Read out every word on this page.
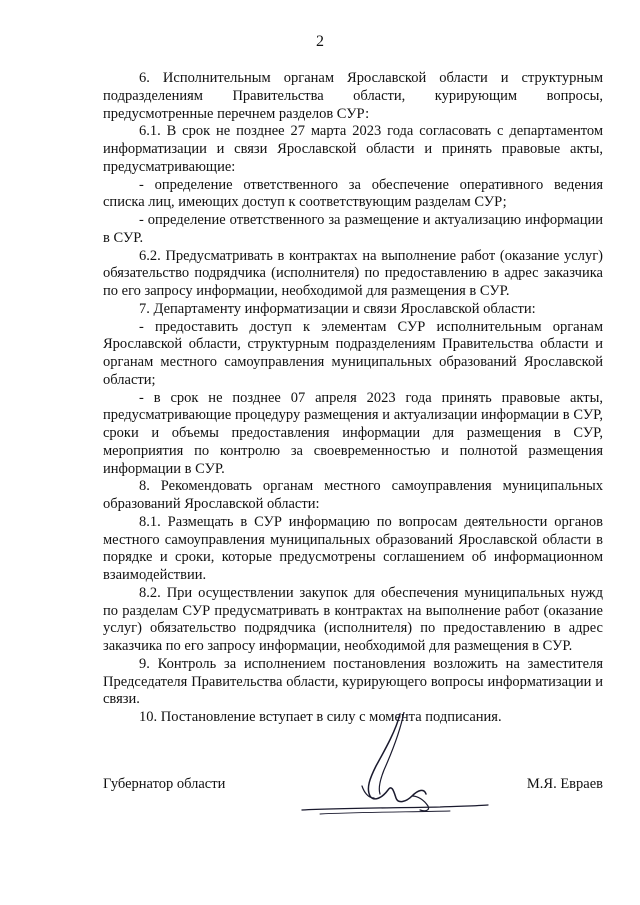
2

6. Исполнительным органам Ярославской области и структурным подразделениям Правительства области, курирующим вопросы, предусмотренные перечнем разделов СУР:

6.1. В срок не позднее 27 марта 2023 года согласовать с департаментом информатизации и связи Ярославской области и принять правовые акты, предусматривающие:

- определение ответственного за обеспечение оперативного ведения списка лиц, имеющих доступ к соответствующим разделам СУР;

- определение ответственного за размещение и актуализацию информации в СУР.

6.2. Предусматривать в контрактах на выполнение работ (оказание услуг) обязательство подрядчика (исполнителя) по предоставлению в адрес заказчика по его запросу информации, необходимой для размещения в СУР.

7. Департаменту информатизации и связи Ярославской области:

- предоставить доступ к элементам СУР исполнительным органам Ярославской области, структурным подразделениям Правительства области и органам местного самоуправления муниципальных образований Ярославской области;

- в срок не позднее 07 апреля 2023 года принять правовые акты, предусматривающие процедуру размещения и актуализации информации в СУР, сроки и объемы предоставления информации для размещения в СУР, мероприятия по контролю за своевременностью и полнотой размещения информации в СУР.

8. Рекомендовать органам местного самоуправления муниципальных образований Ярославской области:

8.1. Размещать в СУР информацию по вопросам деятельности органов местного самоуправления муниципальных образований Ярославской области в порядке и сроки, которые предусмотрены соглашением об информационном взаимодействии.

8.2. При осуществлении закупок для обеспечения муниципальных нужд по разделам СУР предусматривать в контрактах на выполнение работ (оказание услуг) обязательство подрядчика (исполнителя) по предоставлению в адрес заказчика по его запросу информации, необходимой для размещения в СУР.

9. Контроль за исполнением постановления возложить на заместителя Председателя Правительства области, курирующего вопросы информатизации и связи.

10. Постановление вступает в силу с момента подписания.

Губернатор области	М.Я. Евраев
